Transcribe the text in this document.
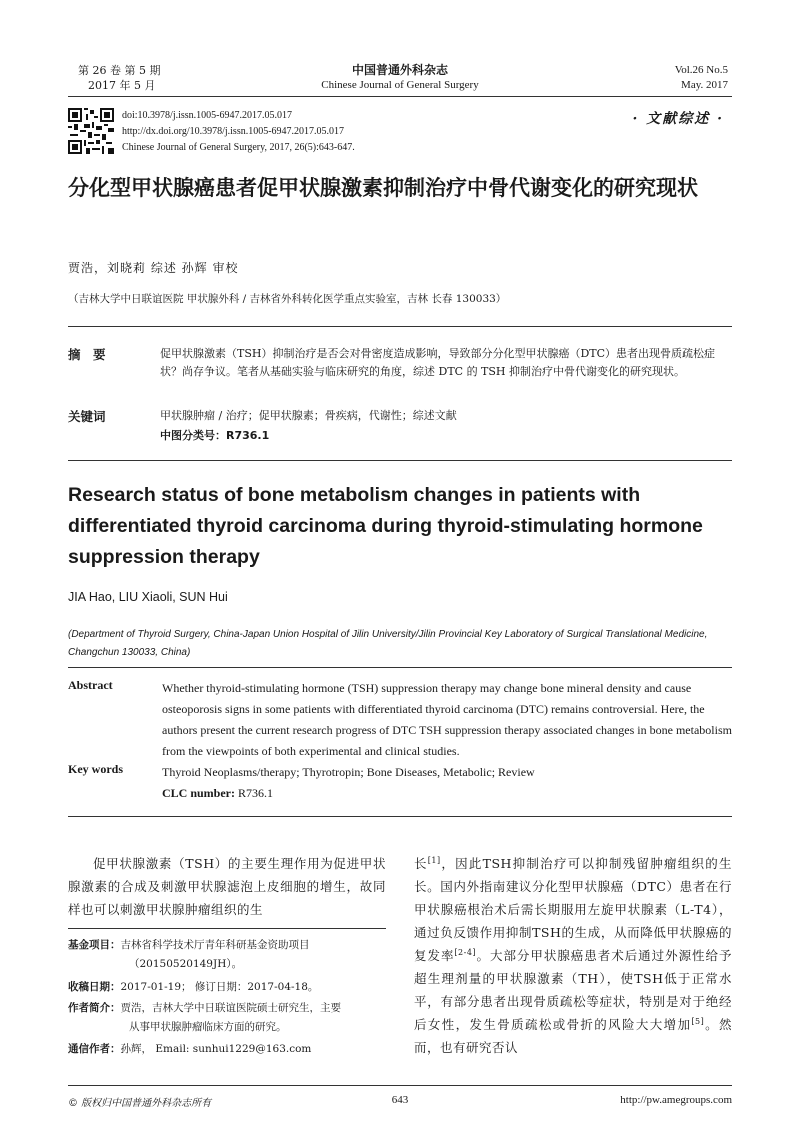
第 26 卷 第 5 期
2017 年 5 月
中国普通外科杂志
Chinese Journal of General Surgery
Vol.26 No.5
May. 2017
doi:10.3978/j.issn.1005-6947.2017.05.017
http://dx.doi.org/10.3978/j.issn.1005-6947.2017.05.017
Chinese Journal of General Surgery, 2017, 26(5):643-647.
· 文献综述 ·
分化型甲状腺癌患者促甲状腺激素抑制治疗中骨代谢变化的研究现状
贾浩，刘晓莉 综述 孙辉 审校
（吉林大学中日联谊医院 甲状腺外科 / 吉林省外科转化医学重点实验室，吉林 长春 130033）
摘　要	促甲状腺激素（TSH）抑制治疗是否会对骨密度造成影响，导致部分分化型甲状腺癌（DTC）患者出现骨质疏松症状？尚存争议。笔者从基础实验与临床研究的角度，综述 DTC 的 TSH 抑制治疗中骨代谢变化的研究现状。
关键词	甲状腺肿瘤 / 治疗；促甲状腺素；骨疾病，代谢性；综述文献
中图分类号：R736.1
Research status of bone metabolism changes in patients with differentiated thyroid carcinoma during thyroid-stimulating hormone suppression therapy
JIA Hao, LIU Xiaoli, SUN Hui
(Department of Thyroid Surgery, China-Japan Union Hospital of Jilin University/Jilin Provincial Key Laboratory of Surgical Translational Medicine, Changchun 130033, China)
Abstract	Whether thyroid-stimulating hormone (TSH) suppression therapy may change bone mineral density and cause osteoporosis signs in some patients with differentiated thyroid carcinoma (DTC) remains controversial. Here, the authors present the current research progress of DTC TSH suppression therapy associated changes in bone metabolism from the viewpoints of both experimental and clinical studies.
Key words	Thyroid Neoplasms/therapy; Thyrotropin; Bone Diseases, Metabolic; Review
CLC number: R736.1
促甲状腺激素（TSH）的主要生理作用为促进甲状腺激素的合成及刺激甲状腺滤泡上皮细胞的增生，故同样也可以刺激甲状腺肿瘤组织的生
长[1]，因此TSH抑制治疗可以抑制残留肿瘤组织的生长。国内外指南建议分化型甲状腺癌（DTC）患者在行甲状腺癌根治术后需长期服用左旋甲状腺素（L-T4），通过负反馈作用抑制TSH的生成，从而降低甲状腺癌的复发率[2-4]。大部分甲状腺癌患者术后通过外源性给予超生理剂量的甲状腺激素（TH），使TSH低于正常水平，有部分患者出现骨质疏松等症状，特别是对于绝经后女性，发生骨质疏松或骨折的风险大大增加[5]。然而，也有研究否认
基金项目：吉林省科学技术厅青年科研基金资助项目
（20150520149JH）。
收稿日期：2017-01-19； 修订日期：2017-04-18。
作者简介：贾浩，吉林大学中日联谊医院硕士研究生，主要
从事甲状腺肿瘤临床方面的研究。
通信作者：孙辉， Email: sunhui1229@163.com
© 版权归中国普通外科杂志所有	643	http://pw.amegroups.com
